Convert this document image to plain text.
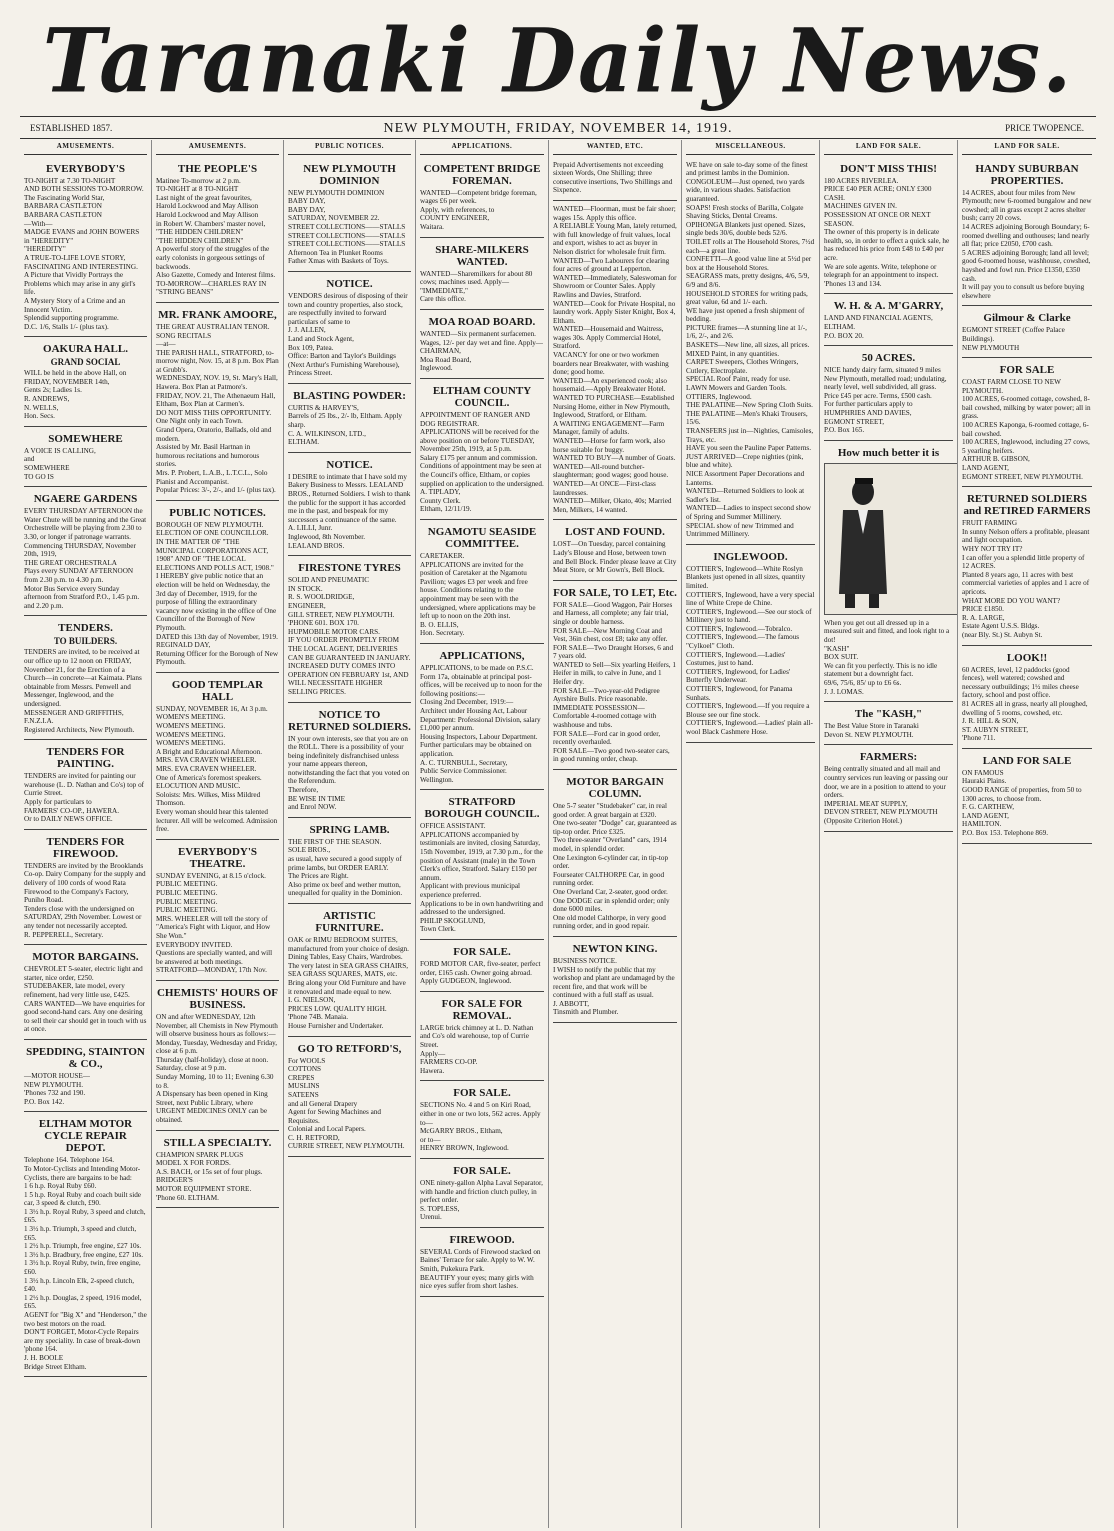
Taranaki Daily News.
ESTABLISHED 1857.	NEW PLYMOUTH, FRIDAY, NOVEMBER 14, 1919.	PRICE TWOPENCE.
AMUSEMENTS.
EVERYBODY'S
TO-NIGHT at 7.30 TO-NIGHT
AND BOTH SESSIONS TO-MORROW.
The Fascinating World Star,
BARBARA CASTLETON
BARBARA CASTLETON
—With—
MADGE EVANS and JOHN BOWERS
in "HEREDITY"
"HEREDITY"
A TRUE-TO-LIFE LOVE STORY, FASCINATING AND INTERESTING.
A Picture that Vividly Portrays the Problems which may arise in any girl's life.
A Mystery Story of a Crime and an Innocent Victim.
Splendid supporting programme.
D.C. 1/6, Stalls 1/- (plus tax).
OAKURA HALL.
GRAND SOCIAL
WILL be held in the above Hall, on FRIDAY, NOVEMBER 14th,
Gents 2s; Ladies 1s.
R. ANDREWS,
N. WELLS,
Hon. Secs.
SOMEWHERE
A VOICE IS CALLING,
and
SOMEWHERE
TO GO IS
NGAERE GARDENS
EVERY THURSDAY AFTERNOON the Water Chute will be running and the Great Orchestrelle will be playing from 2.30 to 3.30, or longer if patronage warrants.
Commencing THURSDAY, November 20th, 1919,
THE GREAT ORCHESTRALA
Plays every SUNDAY AFTERNOON from 2.30 p.m. to 4.30 p.m.
Motor Bus Service every Sunday afternoon from Stratford P.O., 1.45 p.m. and 2.20 p.m.
TENDERS.
TO BUILDERS.
TENDERS are invited, to be received at our office up to 12 noon on FRIDAY, November 21, for the Erection of a Church—in concrete—at Kaimata. Plans obtainable from Messrs. Penwell and Messenger, Inglewood, and the undersigned.
MESSENGER AND GRIFFITHS, F.N.Z.I.A.
Registered Architects, New Plymouth.
TENDERS FOR PAINTING.
TENDERS are invited for painting our warehouse (L. D. Nathan and Co's) top of Currie Street.
Apply for particulars to
FARMERS' CO-OP., HAWERA.
Or to DAILY NEWS OFFICE.
TENDERS FOR FIREWOOD.
TENDERS are invited by the Brooklands Co-op. Dairy Company for the supply and delivery of 100 cords of wood Rata Firewood to the Company's Factory, Puniho Road.
Tenders close with the undersigned on SATURDAY, 29th November. Lowest or any tender not necessarily accepted.
R. PEPPERELL, Secretary.
MOTOR BARGAINS.
CHEVROLET 5-seater, electric light and starter, nice order, £250.
STUDEBAKER, late model, every refinement, had very little use, £425.
CARS WANTED—We have enquiries for good second-hand cars. Any one desiring to sell their car should get in touch with us at once.
SPEDDING, STAINTON & CO.,
—MOTOR HOUSE—
NEW PLYMOUTH.
'Phones 732 and 190.
P.O. Box 142.
ELTHAM MOTOR CYCLE REPAIR DEPOT.
Telephone 164. Telephone 164.
To Motor-Cyclists and Intending Motor-Cyclists, there are bargains to be had:
1 6 h.p. Royal Ruby £60.
1 5 h.p. Royal Ruby and coach built side car, 3 speed & clutch, £90.
1 3½ h.p. Royal Ruby, 3 speed and clutch, £65.
1 3½ h.p. Triumph, 3 speed and clutch, £65.
1 2½ h.p. Triumph, free engine, £27 10s.
1 3½ h.p. Bradbury, free engine, £27 10s.
1 3½ h.p. Royal Ruby, twin, free engine, £60.
1 3½ h.p. Lincoln Elk, 2-speed clutch, £40.
1 2½ h.p. Douglas, 2 speed, 1916 model, £65.
AGENT for "Big X" and "Henderson," the two best motors on the road.
DON'T FORGET, Motor-Cycle Repairs are my speciality. In case of break-down 'phone 164.
J. H. BOOLE
Bridge Street Eltham.
AMUSEMENTS.
THE PEOPLE'S
Matinee To-morrow at 2 p.m.
TO-NIGHT at 8 TO-NIGHT
Last night of the great favourites,
Harold Lockwood and May Allison
Harold Lockwood and May Allison
in Robert W. Chambers' master novel,
"THE HIDDEN CHILDREN"
"THE HIDDEN CHILDREN"
A powerful story of the struggles of the early colonists in gorgeous settings of backwoods.
Also Gazette, Comedy and Interest films.
TO-MORROW—CHARLES RAY IN "STRING BEANS"
MR. FRANK AMOORE,
THE GREAT AUSTRALIAN TENOR.
SONG RECITALS
—at—
THE PARISH HALL, STRATFORD, to-morrow night, Nov. 15, at 8 p.m. Box Plan at Grubb's.
WEDNESDAY, NOV. 19, St. Mary's Hall, Hawera. Box Plan at Patmore's.
FRIDAY, NOV. 21, The Athenaeum Hall, Eltham, Box Plan at Carmen's.
DO NOT MISS THIS OPPORTUNITY.
One Night only in each Town.
Grand Opera, Oratorio, Ballads, old and modern.
Assisted by Mr. Basil Hartnan in humorous recitations and humorous stories.
Mrs. P. Probert, L.A.B., L.T.C.L., Solo Pianist and Accompanist.
Popular Prices: 3/-, 2/-, and 1/- (plus tax).
PUBLIC NOTICES.
BOROUGH OF NEW PLYMOUTH.
ELECTION OF ONE COUNCILLOR.
IN THE MATTER OF "THE MUNICIPAL CORPORATIONS ACT, 1908" AND OF "THE LOCAL ELECTIONS AND POLLS ACT, 1908."
I HEREBY give public notice that an election will be held on Wednesday, the 3rd day of December, 1919, for the purpose of filling the extraordinary vacancy now existing in the office of One Councillor of the Borough of New Plymouth.
DATED this 13th day of November, 1919.
REGINALD DAY,
Returning Officer for the Borough of New Plymouth.
GOOD TEMPLAR HALL
SUNDAY, NOVEMBER 16, At 3 p.m.
WOMEN'S MEETING.
WOMEN'S MEETING.
WOMEN'S MEETING.
WOMEN'S MEETING.
A Bright and Educational Afternoon.
MRS. EVA CRAVEN WHEELER.
MRS. EVA CRAVEN WHEELER.
One of America's foremost speakers.
ELOCUTION AND MUSIC.
Soloists: Mrs. Wilkes, Miss Mildred Thomson.
Every woman should hear this talented lecturer. All will be welcomed. Admission free.
EVERYBODY'S THEATRE.
SUNDAY EVENING, at 8.15 o'clock.
PUBLIC MEETING.
PUBLIC MEETING.
PUBLIC MEETING.
PUBLIC MEETING.
MRS. WHEELER will tell the story of "America's Fight with Liquor, and How She Won."
EVERYBODY INVITED.
Questions are specially wanted, and will be answered at both meetings.
STRATFORD—MONDAY, 17th Nov.
CHEMISTS' HOURS OF BUSINESS.
ON and after WEDNESDAY, 12th November, all Chemists in New Plymouth will observe business hours as follows:—
Monday, Tuesday, Wednesday and Friday, close at 6 p.m.
Thursday (half-holiday), close at noon.
Saturday, close at 9 p.m.
Sunday Morning, 10 to 11; Evening 6.30 to 8.
A Dispensary has been opened in King Street, next Public Library, where URGENT MEDICINES ONLY can be obtained.
STILL A SPECIALTY.
CHAMPION SPARK PLUGS
MODEL X FOR FORDS.
A.S. BACH, or 15s set of four plugs.
BRIDGER'S
MOTOR EQUIPMENT STORE.
'Phone 60. ELTHAM.
PUBLIC NOTICES.
NEW PLYMOUTH DOMINION
NEW PLYMOUTH DOMINION
BABY DAY,
BABY DAY,
SATURDAY, NOVEMBER 22.
STREET COLLECTIONS——STALLS
STREET COLLECTIONS——STALLS
STREET COLLECTIONS——STALLS
Afternoon Tea in Plunket Rooms
Father Xmas with Baskets of Toys.
NOTICE.
VENDORS desirous of disposing of their town and country properties, also stock, are respectfully invited to forward particulars of same to
J. J. ALLEN,
Land and Stock Agent,
Box 109, Patea.
Office: Barton and Taylor's Buildings (Next Arthur's Furnishing Warehouse), Princess Street.
BLASTING POWDER:
CURTIS & HARVEY'S,
Barrels of 25 lbs., 2/- lb, Eltham. Apply sharp.
C. A. WILKINSON, LTD.,
ELTHAM.
NOTICE.
I DESIRE to intimate that I have sold my Bakery Business to Messrs. LEALAND BROS., Returned Soldiers. I wish to thank the public for the support it has accorded me in the past, and bespeak for my successors a continuance of the same.
A. LILLI, Junr.
Inglewood, 8th November.
LEALAND BROS.
FIRESTONE TYRES
SOLID AND PNEUMATIC
IN STOCK.
R. S. WOOLDRIDGE,
ENGINEER,
GILL STREET, NEW PLYMOUTH.
'PHONE 601. BOX 170.
HUPMOBILE MOTOR CARS.
IF YOU ORDER PROMPTLY FROM THE LOCAL AGENT, DELIVERIES CAN BE GUARANTEED IN JANUARY. INCREASED DUTY COMES INTO OPERATION ON FEBRUARY 1st, AND WILL NECESSITATE HIGHER SELLING PRICES.
NOTICE TO RETURNED SOLDIERS.
IN your own interests, see that you are on the ROLL. There is a possibility of your being indefinitely disfranchised unless your name appears thereon, notwithstanding the fact that you voted on the Referendum.
Therefore,
BE WISE IN TIME
and Enrol NOW.
SPRING LAMB.
THE FIRST OF THE SEASON.
SOLE BROS.,
as usual, have secured a good supply of prime lambs, but ORDER EARLY.
The Prices are Right.
Also prime ox beef and wether mutton, unequalled for quality in the Dominion.
ARTISTIC FURNITURE.
OAK or RIMU BEDROOM SUITES, manufactured from your choice of design. Dining Tables, Easy Chairs, Wardrobes.
The very latest in SEA GRASS CHAIRS, SEA GRASS SQUARES, MATS, etc.
Bring along your Old Furniture and have it renovated and made equal to new.
I. G. NIELSON,
PRICES LOW. QUALITY HIGH.
'Phone 74B. Manaia.
House Furnisher and Undertaker.
GO TO RETFORD'S,
For WOOLS
COTTONS
CREPES
MUSLINS
SATEENS
and all General Drapery
Agent for Sewing Machines and Requisites.
Colonial and Local Papers.
C. H. RETFORD,
CURRIE STREET, NEW PLYMOUTH.
APPLICATIONS.
COMPETENT BRIDGE FOREMAN.
WANTED—Competent bridge foreman, wages £6 per week.
Apply, with references, to
COUNTY ENGINEER,
Waitara.
SHARE-MILKERS WANTED.
WANTED—Sharemilkers for about 80 cows; machines used. Apply—
"IMMEDIATE,"
Care this office.
MOA ROAD BOARD.
WANTED—Six permanent surfacemen. Wages, 12/- per day wet and fine. Apply—
CHAIRMAN,
Moa Road Board,
Inglewood.
ELTHAM COUNTY COUNCIL.
APPOINTMENT OF RANGER AND DOG REGISTRAR.
APPLICATIONS will be received for the above position on or before TUESDAY, November 25th, 1919, at 5 p.m.
Salary £175 per annum and commission.
Conditions of appointment may be seen at the Council's office, Eltham, or copies supplied on application to the undersigned.
A. TIPLADY,
County Clerk.
Eltham, 12/11/19.
NGAMOTU SEASIDE COMMITTEE.
CARETAKER.
APPLICATIONS are invited for the position of Caretaker at the Ngamotu Pavilion; wages £3 per week and free house. Conditions relating to the appointment may be seen with the undersigned, where applications may be left up to noon on the 20th inst.
B. O. ELLIS,
Hon. Secretary.
APPLICATIONS,
APPLICATIONS, to be made on P.S.C. Form 17a, obtainable at principal post-offices, will be received up to noon for the following positions:—
Closing 2nd December, 1919:—
Architect under Housing Act, Labour Department: Professional Division, salary £1,000 per annum.
Housing Inspectors, Labour Department.
Further particulars may be obtained on application.
A. C. TURNBULL, Secretary,
Public Service Commissioner.
Wellington.
STRATFORD BOROUGH COUNCIL.
OFFICE ASSISTANT.
APPLICATIONS accompanied by testimonials are invited, closing Saturday, 15th November, 1919, at 7.30 p.m., for the position of Assistant (male) in the Town Clerk's office, Stratford. Salary £150 per annum.
Applicant with previous municipal experience preferred.
Applications to be in own handwriting and addressed to the undersigned.
PHILIP SKOGLUND,
Town Clerk.
FOR SALE.
FORD MOTOR CAR, five-seater, perfect order, £165 cash. Owner going abroad. Apply GUDGEON, Inglewood.
FOR SALE FOR REMOVAL.
LARGE brick chimney at L. D. Nathan and Co's old warehouse, top of Currie Street.
Apply—
FARMERS CO-OP.
Hawera.
FOR SALE.
SECTIONS No. 4 and 5 on Kiri Road, either in one or two lots, 562 acres. Apply to—
McGARRY BROS., Eltham,
or to—
HENRY BROWN, Inglewood.
FOR SALE.
ONE ninety-gallon Alpha Laval Separator, with handle and friction clutch pulley, in perfect order.
S. TOPLESS,
Urenui.
FIREWOOD.
SEVERAL Cords of Firewood stacked on Baines' Terrace for sale. Apply to W. W. Smith, Pukekura Park.
BEAUTIFY your eyes; many girls with nice eyes suffer from short lashes.
WANTED, ETC.
Prepaid Advertisements not exceeding sixteen Words, One Shilling; three consecutive insertions, Two Shillings and Sixpence.
WANTED—Floorman, must be fair shoer; wages 15s. Apply this office.
A RELIABLE Young Man, lately returned, with full knowledge of fruit values, local and export, wishes to act as buyer in Nelson district for wholesale fruit firm.
WANTED—Two Labourers for clearing four acres of ground at Lepperton.
WANTED—Immediately, Saleswoman for Showroom or Counter Sales. Apply Rawlins and Davies, Stratford.
WANTED—Cook for Private Hospital, no laundry work. Apply Sister Knight, Box 4, Eltham.
WANTED—Housemaid and Waitress, wages 30s. Apply Commercial Hotel, Stratford.
VACANCY for one or two workmen boarders near Breakwater, with washing done; good home.
WANTED—An experienced cook; also housemaid.—Apply Breakwater Hotel.
WANTED TO PURCHASE—Established Nursing Home, either in New Plymouth, Inglewood, Stratford, or Eltham.
A WAITING ENGAGEMENT—Farm Manager, family of adults.
WANTED—Horse for farm work, also horse suitable for buggy.
WANTED TO BUY—A number of Goats.
WANTED—All-round butcher-slaughterman; good wages; good house.
WANTED—At ONCE—First-class laundresses.
WANTED—Milker, Okato, 40s; Married Men, Milkers, 14 wanted.
LOST AND FOUND.
LOST—On Tuesday, parcel containing Lady's Blouse and Hose, between town and Bell Block. Finder please leave at City Meat Store, or Mr Gown's, Bell Block.
FOR SALE, TO LET, Etc.
FOR SALE—Good Waggon, Pair Horses and Harness, all complete; any fair trial, single or double harness.
FOR SALE—New Morning Coat and Vest, 36in chest, cost £8; take any offer.
FOR SALE—Two Draught Horses, 6 and 7 years old.
WANTED to Sell—Six yearling Heifers, 1 Heifer in milk, to calve in June, and 1 Heifer dry.
FOR SALE—Two-year-old Pedigree Ayrshire Bulls. Price reasonable.
IMMEDIATE POSSESSION—Comfortable 4-roomed cottage with washhouse and tubs.
FOR SALE—Ford car in good order, recently overhauled.
FOR SALE—Two good two-seater cars, in good running order, cheap.
MOTOR BARGAIN COLUMN.
One 5-7 seater "Studebaker" car, in real good order. A great bargain at £320.
One two-seater "Dodge" car, guaranteed as tip-top order. Price £325.
Two three-seater "Overland" cars, 1914 model, in splendid order.
One Lexington 6-cylinder car, in tip-top order.
Fourseater CALTHORPE Car, in good running order.
One Overland Car, 2-seater, good order.
One DODGE car in splendid order; only done 6000 miles.
One old model Calthorpe, in very good running order, and in good repair.
NEWTON KING.
BUSINESS NOTICE.
I WISH to notify the public that my workshop and plant are undamaged by the recent fire, and that work will be continued with a full staff as usual.
J. ABBOTT,
Tinsmith and Plumber.
MISCELLANEOUS.
WE have on sale to-day some of the finest and primest lambs in the Dominion.
CONGOLEUM—Just opened, two yards wide, in various shades. Satisfaction guaranteed.
SOAPS! Fresh stocks of Barilla, Colgate Shaving Sticks, Dental Creams.
OPIHONGA Blankets just opened. Sizes, single beds 30/6, double beds 52/6.
TOILET rolls at The Household Stores, 7½d each—a great line.
CONFETTI—A good value line at 5½d per box at the Household Stores.
SEAGRASS mats, pretty designs, 4/6, 5/9, 6/9 and 8/6.
HOUSEHOLD STORES for writing pads, great value, 6d and 1/- each.
WE have just opened a fresh shipment of bedding.
PICTURE frames—A stunning line at 1/-, 1/6, 2/-, and 2/6.
BASKETS—New line, all sizes, all prices.
MIXED Paint, in any quantities.
CARPET Sweepers, Clothes Wringers, Cutlery, Electroplate.
SPECIAL Roof Paint, ready for use.
LAWN Mowers and Garden Tools.
OTTIERS, Inglewood.
THE PALATINE—New Spring Cloth Suits.
THE PALATINE—Men's Khaki Trousers, 15/6.
TRANSFERS just in—Nighties, Camisoles, Trays, etc.
HAVE you seen the Pauline Paper Patterns.
JUST ARRIVED—Crepe nighties (pink, blue and white).
NICE Assortment Paper Decorations and Lanterns.
WANTED—Returned Soldiers to look at Sadler's list.
WANTED—Ladies to inspect second show of Spring and Summer Millinery.
SPECIAL show of new Trimmed and Untrimmed Millinery.
INGLEWOOD.
COTTIER'S, Inglewood—White Roslyn Blankets just opened in all sizes, quantity limited.
COTTIER'S, Inglewood, have a very special line of White Crepe de Chine.
COTTIER'S, Inglewood.—See our stock of Millinery just to hand.
COTTIER'S, Inglewood.—Tobralco.
COTTIER'S, Inglewood.—The famous "Cylkoel" Cloth.
COTTIER'S, Inglewood.—Ladies' Costumes, just to hand.
COTTIER'S, Inglewood, for Ladies' Butterfly Underwear.
COTTIER'S, Inglewood, for Panama Sunhats.
COTTIER'S, Inglewood.—If you require a Blouse see our fine stock.
COTTIER'S, Inglewood.—Ladies' plain all-wool Black Cashmere Hose.
LAND FOR SALE.
DON'T MISS THIS!
180 ACRES RIVERLEA.
PRICE £40 PER ACRE; ONLY £300 CASH.
MACHINES GIVEN IN.
POSSESSION AT ONCE OR NEXT SEASON.
The owner of this property is in delicate health, so, in order to effect a quick sale, he has reduced his price from £48 to £40 per acre.
We are sole agents. Write, telephone or telegraph for an appointment to inspect. 'Phones 13 and 134.
W. H. & A. M'GARRY,
LAND AND FINANCIAL AGENTS,
ELTHAM.
P.O. BOX 20.
50 ACRES.
NICE handy dairy farm, situated 9 miles New Plymouth, metalled road; undulating, nearly level, well subdivided, all grass.
Price £45 per acre. Terms, £500 cash.
For further particulars apply to
HUMPHRIES AND DAVIES,
EGMONT STREET,
P.O. Box 165.
How much better it is
When you get out all dressed up in a measured suit and fitted, and look right to a dot!
"KASH"
BOX SUIT.
We can fit you perfectly. This is no idle statement but a downright fact.
69/6, 75/6, 85/ up to £6 6s.
J. J. LOMAS.
The "KASH,"
The Best Value Store in Taranaki
Devon St. NEW PLYMOUTH.
FARMERS:
Being centrally situated and all mail and country services run leaving or passing our door, we are in a position to attend to your orders.
IMPERIAL MEAT SUPPLY,
DEVON STREET, NEW PLYMOUTH
(Opposite Criterion Hotel.)
LAND FOR SALE.
HANDY SUBURBAN PROPERTIES.
14 ACRES, about four miles from New Plymouth; new 6-roomed bungalow and new cowshed; all in grass except 2 acres shelter bush; carry 20 cows.
14 ACRES adjoining Borough Boundary; 6-roomed dwelling and outhouses; land nearly all flat; price £2050, £700 cash.
5 ACRES adjoining Borough; land all level; good 6-roomed house, washhouse, cowshed, hayshed and fowl run. Price £1350, £350 cash.
It will pay you to consult us before buying elsewhere
Gilmour & Clarke
EGMONT STREET (Coffee Palace Buildings).
NEW PLYMOUTH
FOR SALE
COAST FARM CLOSE TO NEW PLYMOUTH.
100 ACRES, 6-roomed cottage, cowshed, 8-bail cowshed, milking by water power; all in grass.
100 ACRES Kaponga, 6-roomed cottage, 6-bail cowshed.
100 ACRES, Inglewood, including 27 cows, 5 yearling heifers.
ARTHUR B. GIBSON,
LAND AGENT,
EGMONT STREET, NEW PLYMOUTH.
RETURNED SOLDIERS and RETIRED FARMERS
FRUIT FARMING
In sunny Nelson offers a profitable, pleasant and light occupation.
WHY NOT TRY IT?
I can offer you a splendid little property of
12 ACRES.
Planted 8 years ago, 11 acres with best commercial varieties of apples and 1 acre of apricots.
WHAT MORE DO YOU WANT?
PRICE £1850.
R. A. LARGE,
Estate Agent U.S.S. Bldgs.
(near Bly. St.) St. Aubyn St.
LOOK!!
60 ACRES, level, 12 paddocks (good fences), well watered; cowshed and necessary outbuildings; 1½ miles cheese factory, school and post office.
81 ACRES all in grass, nearly all ploughed, dwelling of 5 rooms, cowshed, etc.
J. R. HILL & SON,
ST. AUBYN STREET,
'Phone 711.
LAND FOR SALE
ON FAMOUS
Hauraki Plains.
GOOD RANGE of properties, from 50 to 1300 acres, to choose from.
F. G. CARTHEW,
LAND AGENT,
HAMILTON.
P.O. Box 153. Telephone 869.
